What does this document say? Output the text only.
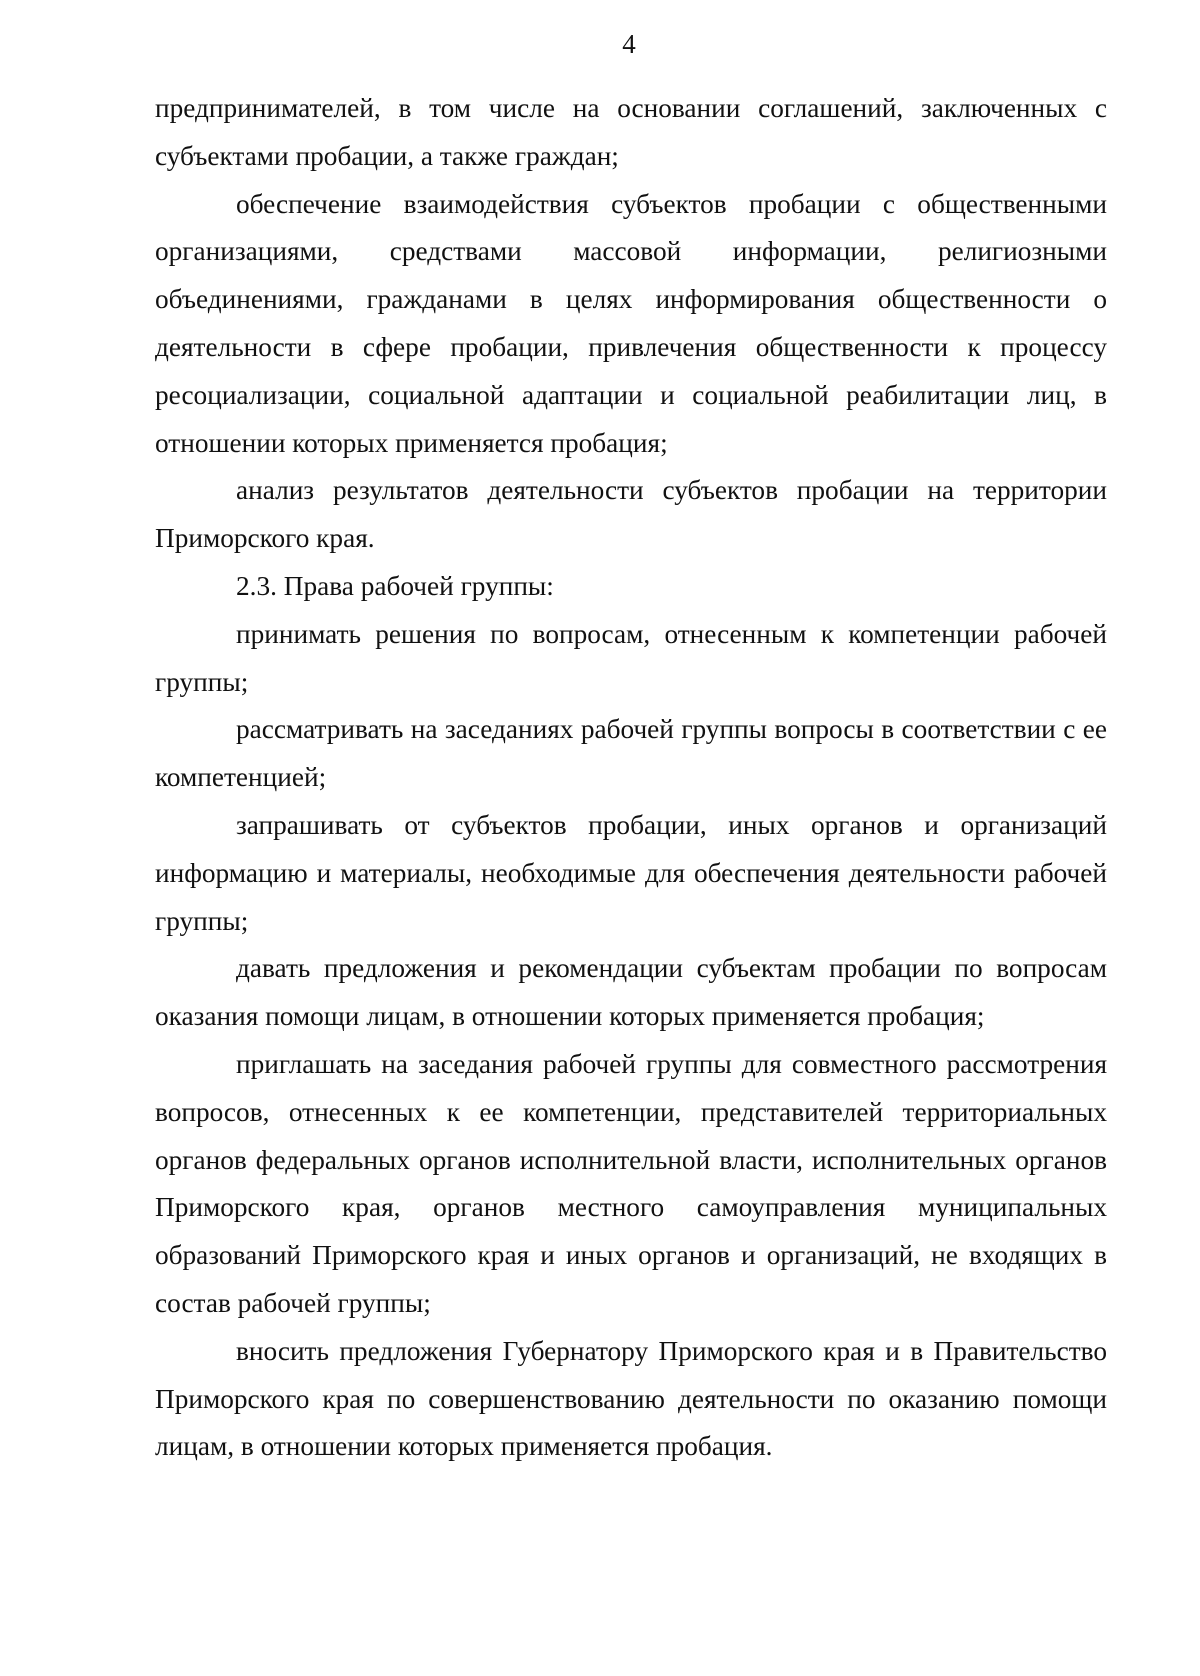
4

предпринимателей, в том числе на основании соглашений, заключенных с субъектами пробации, а также граждан;

обеспечение взаимодействия субъектов пробации с общественными организациями, средствами массовой информации, религиозными объединениями, гражданами в целях информирования общественности о деятельности в сфере пробации, привлечения общественности к процессу ресоциализации, социальной адаптации и социальной реабилитации лиц, в отношении которых применяется пробация;

анализ результатов деятельности субъектов пробации на территории Приморского края.

2.3. Права рабочей группы:

принимать решения по вопросам, отнесенным к компетенции рабочей группы;

рассматривать на заседаниях рабочей группы вопросы в соответствии с ее компетенцией;

запрашивать от субъектов пробации, иных органов и организаций информацию и материалы, необходимые для обеспечения деятельности рабочей группы;

давать предложения и рекомендации субъектам пробации по вопросам оказания помощи лицам, в отношении которых применяется пробация;

приглашать на заседания рабочей группы для совместного рассмотрения вопросов, отнесенных к ее компетенции, представителей территориальных органов федеральных органов исполнительной власти, исполнительных органов Приморского края, органов местного самоуправления муниципальных образований Приморского края и иных органов и организаций, не входящих в состав рабочей группы;

вносить предложения Губернатору Приморского края и в Правительство Приморского края по совершенствованию деятельности по оказанию помощи лицам, в отношении которых применяется пробация.
